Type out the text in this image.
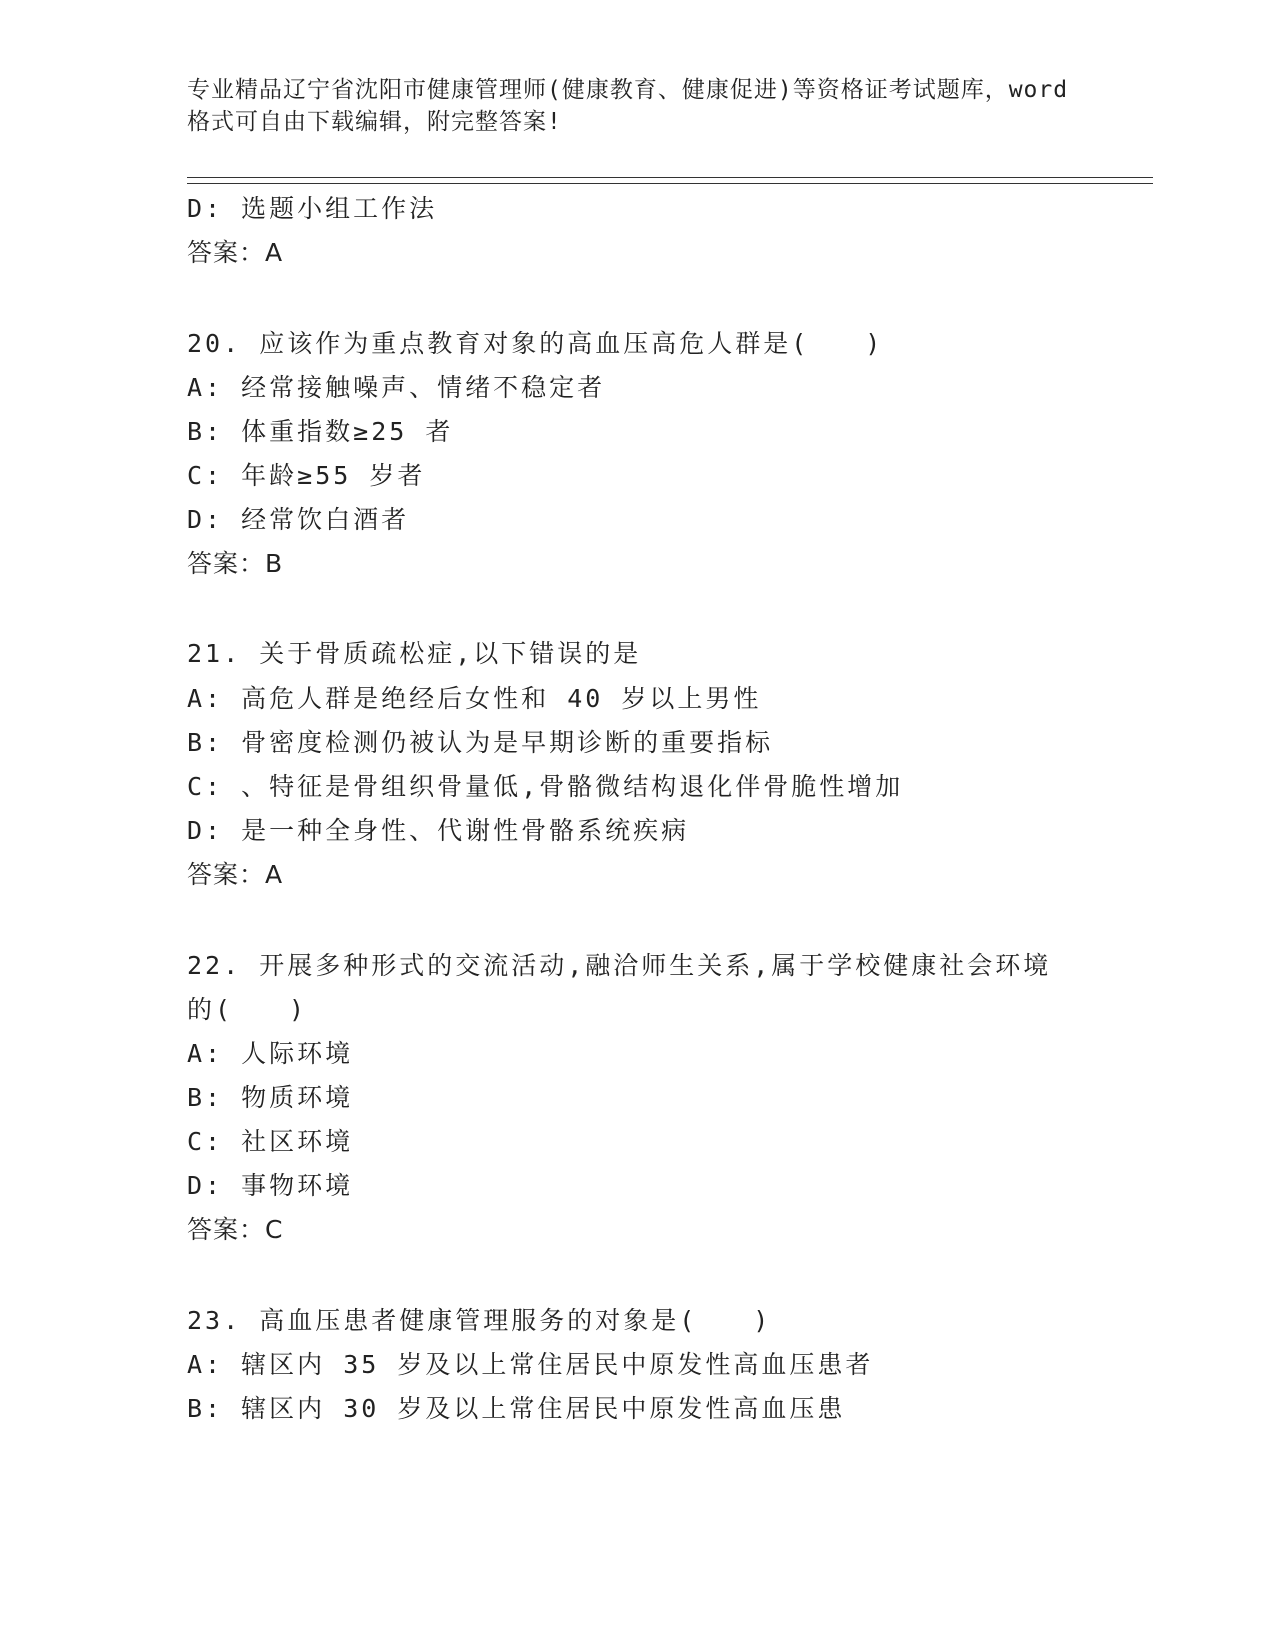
专业精品辽宁省沈阳市健康管理师(健康教育、健康促进)等资格证考试题库，word
格式可自由下载编辑，附完整答案!
D: 选题小组工作法
答案：A
20. 应该作为重点教育对象的高血压高危人群是(　　)
A: 经常接触噪声、情绪不稳定者
B: 体重指数≥25 者
C: 年龄≥55 岁者
D: 经常饮白酒者
答案：B
21. 关于骨质疏松症,以下错误的是
A: 高危人群是绝经后女性和 40 岁以上男性
B: 骨密度检测仍被认为是早期诊断的重要指标
C: 、特征是骨组织骨量低,骨骼微结构退化伴骨脆性增加
D: 是一种全身性、代谢性骨骼系统疾病
答案：A
22. 开展多种形式的交流活动,融洽师生关系,属于学校健康社会环境
的(　　)
A: 人际环境
B: 物质环境
C: 社区环境
D: 事物环境
答案：C
23. 高血压患者健康管理服务的对象是(　　)
A: 辖区内 35 岁及以上常住居民中原发性高血压患者
B: 辖区内 30 岁及以上常住居民中原发性高血压患
